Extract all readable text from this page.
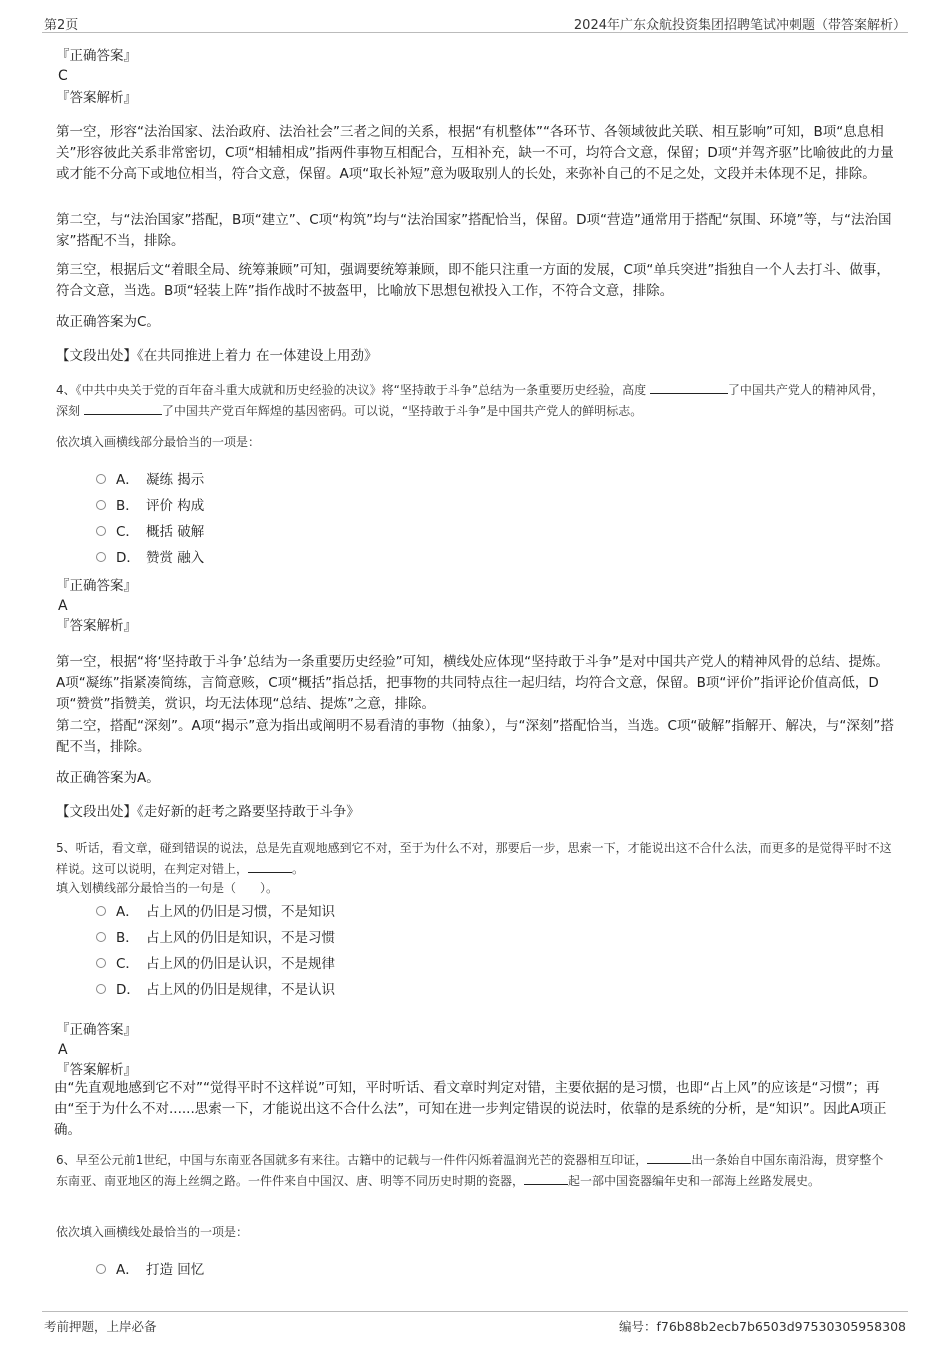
第2页	2024年广东众航投资集团招聘笔试冲刺题（带答案解析）
『正确答案』
C
『答案解析』

第一空，形容“法治国家、法治政府、法治社会”三者之间的关系，根据“有机整体”“各环节、各领域彼此关联、相互影响”可知，B项“息息相关”形容彼此关系非常密切，C项“相辅相成”指两件事物互相配合，互相补充，缺一不可，均符合文意，保留；D项“并驾齐驱”比喻彼此的力量或才能不分高下或地位相当，符合文意，保留。A项“取长补短”意为吸取别人的长处，来弥补自己的不足之处，文段并未体现不足，排除。

第二空，与“法治国家”搭配，B项“建立”、C项“构筑”均与“法治国家”搭配恰当，保留。D项“营造”通常用于搭配“氛围、环境”等，与“法治国家”搭配不当，排除。

第三空，根据后文“着眼全局、统筹兼顾”可知，强调要统筹兼顾，即不能只注重一方面的发展，C项“单兵突进”指独自一个人去打斗、做事，符合文意，当选。B项“轻装上阵”指作战时不披盔甲，比喻放下思想包袱投入工作，不符合文意，排除。

故正确答案为C。

【文段出处】《在共同推进上着力 在一体建设上用劲》

4、《中共中央关于党的百年奋斗重大成就和历史经验的决议》将“坚持敢于斗争”总结为一条重要历史经验，高度	了中国共产党人的精神风骨，深刻	了中国共产党百年辉煌的基因密码。可以说，“坚持敢于斗争”是中国共产党人的鲜明标志。

依次填入画横线部分最恰当的一项是：

A． 凝练 揭示
B． 评价 构成
C． 概括 破解
D． 赞赏 融入
『正确答案』
A
『答案解析』

第一空，根据“将‘坚持敢于斗争’总结为一条重要历史经验”可知，横线处应体现“坚持敢于斗争”是对中国共产党人的精神风骨的总结、提炼。A项“凝练”指紧凑简练，言简意赅，C项“概括”指总括，把事物的共同特点往一起归结，均符合文意，保留。B项“评价”指评论价值高低，D项“赞赏”指赞美，赏识，均无法体现“总结、提炼”之意，排除。

第二空，搭配“深刻”。A项“揭示”意为指出或阐明不易看清的事物（抽象），与“深刻”搭配恰当，当选。C项“破解”指解开、解决，与“深刻”搭配不当，排除。

故正确答案为A。

【文段出处】《走好新的赶考之路要坚持敢于斗争》

5、听话，看文章，碰到错误的说法，总是先直观地感到它不对，至于为什么不对，那要后一步，思索一下，才能说出这不合什么法，而更多的是觉得平时不这样说。这可以说明，在判定对错上，	。

填入划横线部分最恰当的一句是（　　）。

A． 占上风的仍旧是习惯，不是知识
B． 占上风的仍旧是知识，不是习惯
C． 占上风的仍旧是认识，不是规律
D． 占上风的仍旧是规律，不是认识
『正确答案』
A
『答案解析』

由“先直观地感到它不对”“觉得平时不这样说”可知，平时听话、看文章时判定对错，主要依据的是习惯，也即“占上风”的应该是“习惯”；再由“至于为什么不对......思索一下，才能说出这不合什么法”，可知在进一步判定错误的说法时，依靠的是系统的分析，是“知识”。因此A项正确。

6、早至公元前1世纪，中国与东南亚各国就多有来往。古籍中的记载与一件件闪烁着温润光芒的瓷器相互印证，	出一条始自中国东南沿海，贯穿整个东南亚、南亚地区的海上丝绸之路。一件件来自中国汉、唐、明等不同历史时期的瓷器，	起一部中国瓷器编年史和一部海上丝路发展史。

依次填入画横线处最恰当的一项是：

A． 打造 回忆
考前押题，上岸必备	编号：f76b88b2ecb7b6503d97530305958308
